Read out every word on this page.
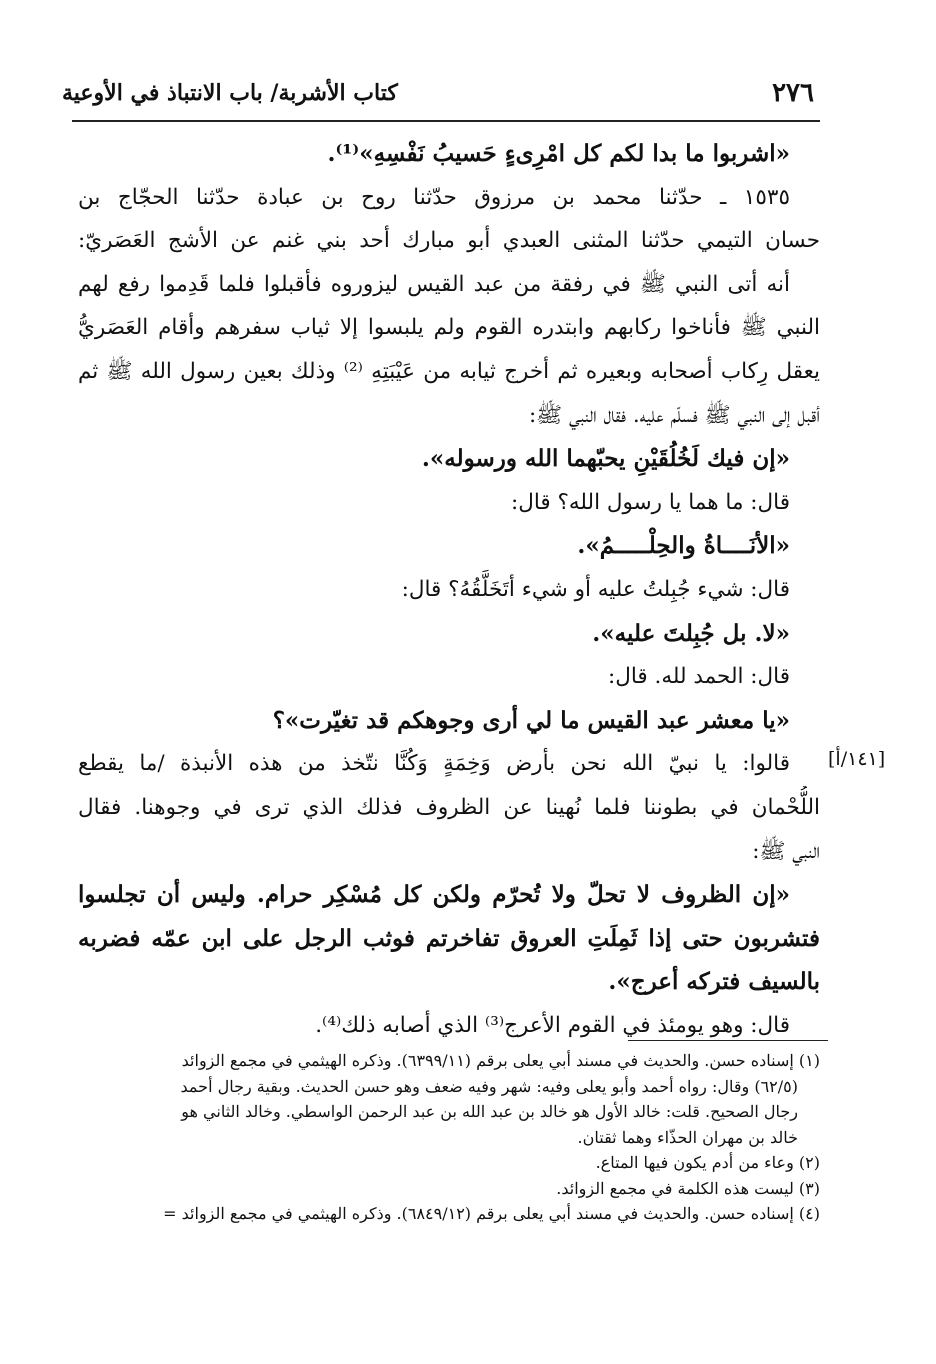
٢٧٦
كتاب الأشربة/ باب الانتباذ في الأوعية
[١٤١/أ]
«اشربوا ما بدا لكم كل امْرِىءٍ حَسيبُ نَفْسِهِ»⁽¹⁾.
١٥٣٥ ـ حدّثنا محمد بن مرزوق حدّثنا روح بن عبادة حدّثنا الحجّاج بن
حسان التيمي حدّثنا المثنى العبدي أبو مبارك أحد بني غنم عن الأشج العَصَريّ:
أنه أتى النبي ﷺ في رفقة من عبد القيس ليزوروه فأقبلوا فلما قَدِموا رفع لهم
النبي ﷺ فأناخوا ركابهم وابتدره القوم ولم يلبسوا إلا ثياب سفرهم وأقام العَصَريُّ
يعقل رِكاب أصحابه وبعيره ثم أخرج ثيابه من عَيْبَتِهِ ⁽²⁾ وذلك بعين رسول الله ﷺ ثم
أقبل إلى النبي ﷺ فسلّم عليه. فقال النبي ﷺ:
«إن فيك لَخُلُقَيْنِ يحبّهما الله ورسوله».
قال: ما هما يا رسول الله؟ قال:
«الأنَــــاةُ والحِلْـــــمُ».
قال: شيء جُبِلتُ عليه أو شيء أتَخَلَّقُهُ؟ قال:
«لا. بل جُبِلتَ عليه».
قال: الحمد لله. قال:
«يا معشر عبد القيس ما لي أرى وجوهكم قد تغيّرت»؟
قالوا: يا نبيّ الله نحن بأرض وَخِمَةٍ وَكُنَّا نتّخذ من هذه الأنبذة /ما يقطع
اللُّحْمان في بطوننا فلما نُهينا عن الظروف فذلك الذي ترى في وجوهنا. فقال
النبي ﷺ:
«إن الظروف لا تحلّ ولا تُحرّم ولكن كل مُسْكِر حرام. وليس أن تجلسوا
فتشربون حتى إذا ثَمِلَتِ العروق تفاخرتم فوثب الرجل على ابن عمّه فضربه
بالسيف فتركه أعرج».
قال: وهو يومئذ في القوم الأعرج⁽³⁾ الذي أصابه ذلك⁽⁴⁾.
(١) إسناده حسن. والحديث في مسند أبي يعلى برقم (٦٣٩٩/١١). وذكره الهيثمي في مجمع الزوائد
(٦٢/٥) وقال: رواه أحمد وأبو يعلى وفيه: شهر وفيه ضعف وهو حسن الحديث. وبقية رجال أحمد
رجال الصحيح. قلت: خالد الأول هو خالد بن عبد الله بن عبد الرحمن الواسطي. وخالد الثاني هو
خالد بن مهران الحذّاء وهما ثقتان.
(٢) وعاء من أدم يكون فيها المتاع.
(٣) ليست هذه الكلمة في مجمع الزوائد.
(٤) إسناده حسن. والحديث في مسند أبي يعلى برقم (٦٨٤٩/١٢). وذكره الهيثمي في مجمع الزوائد =
